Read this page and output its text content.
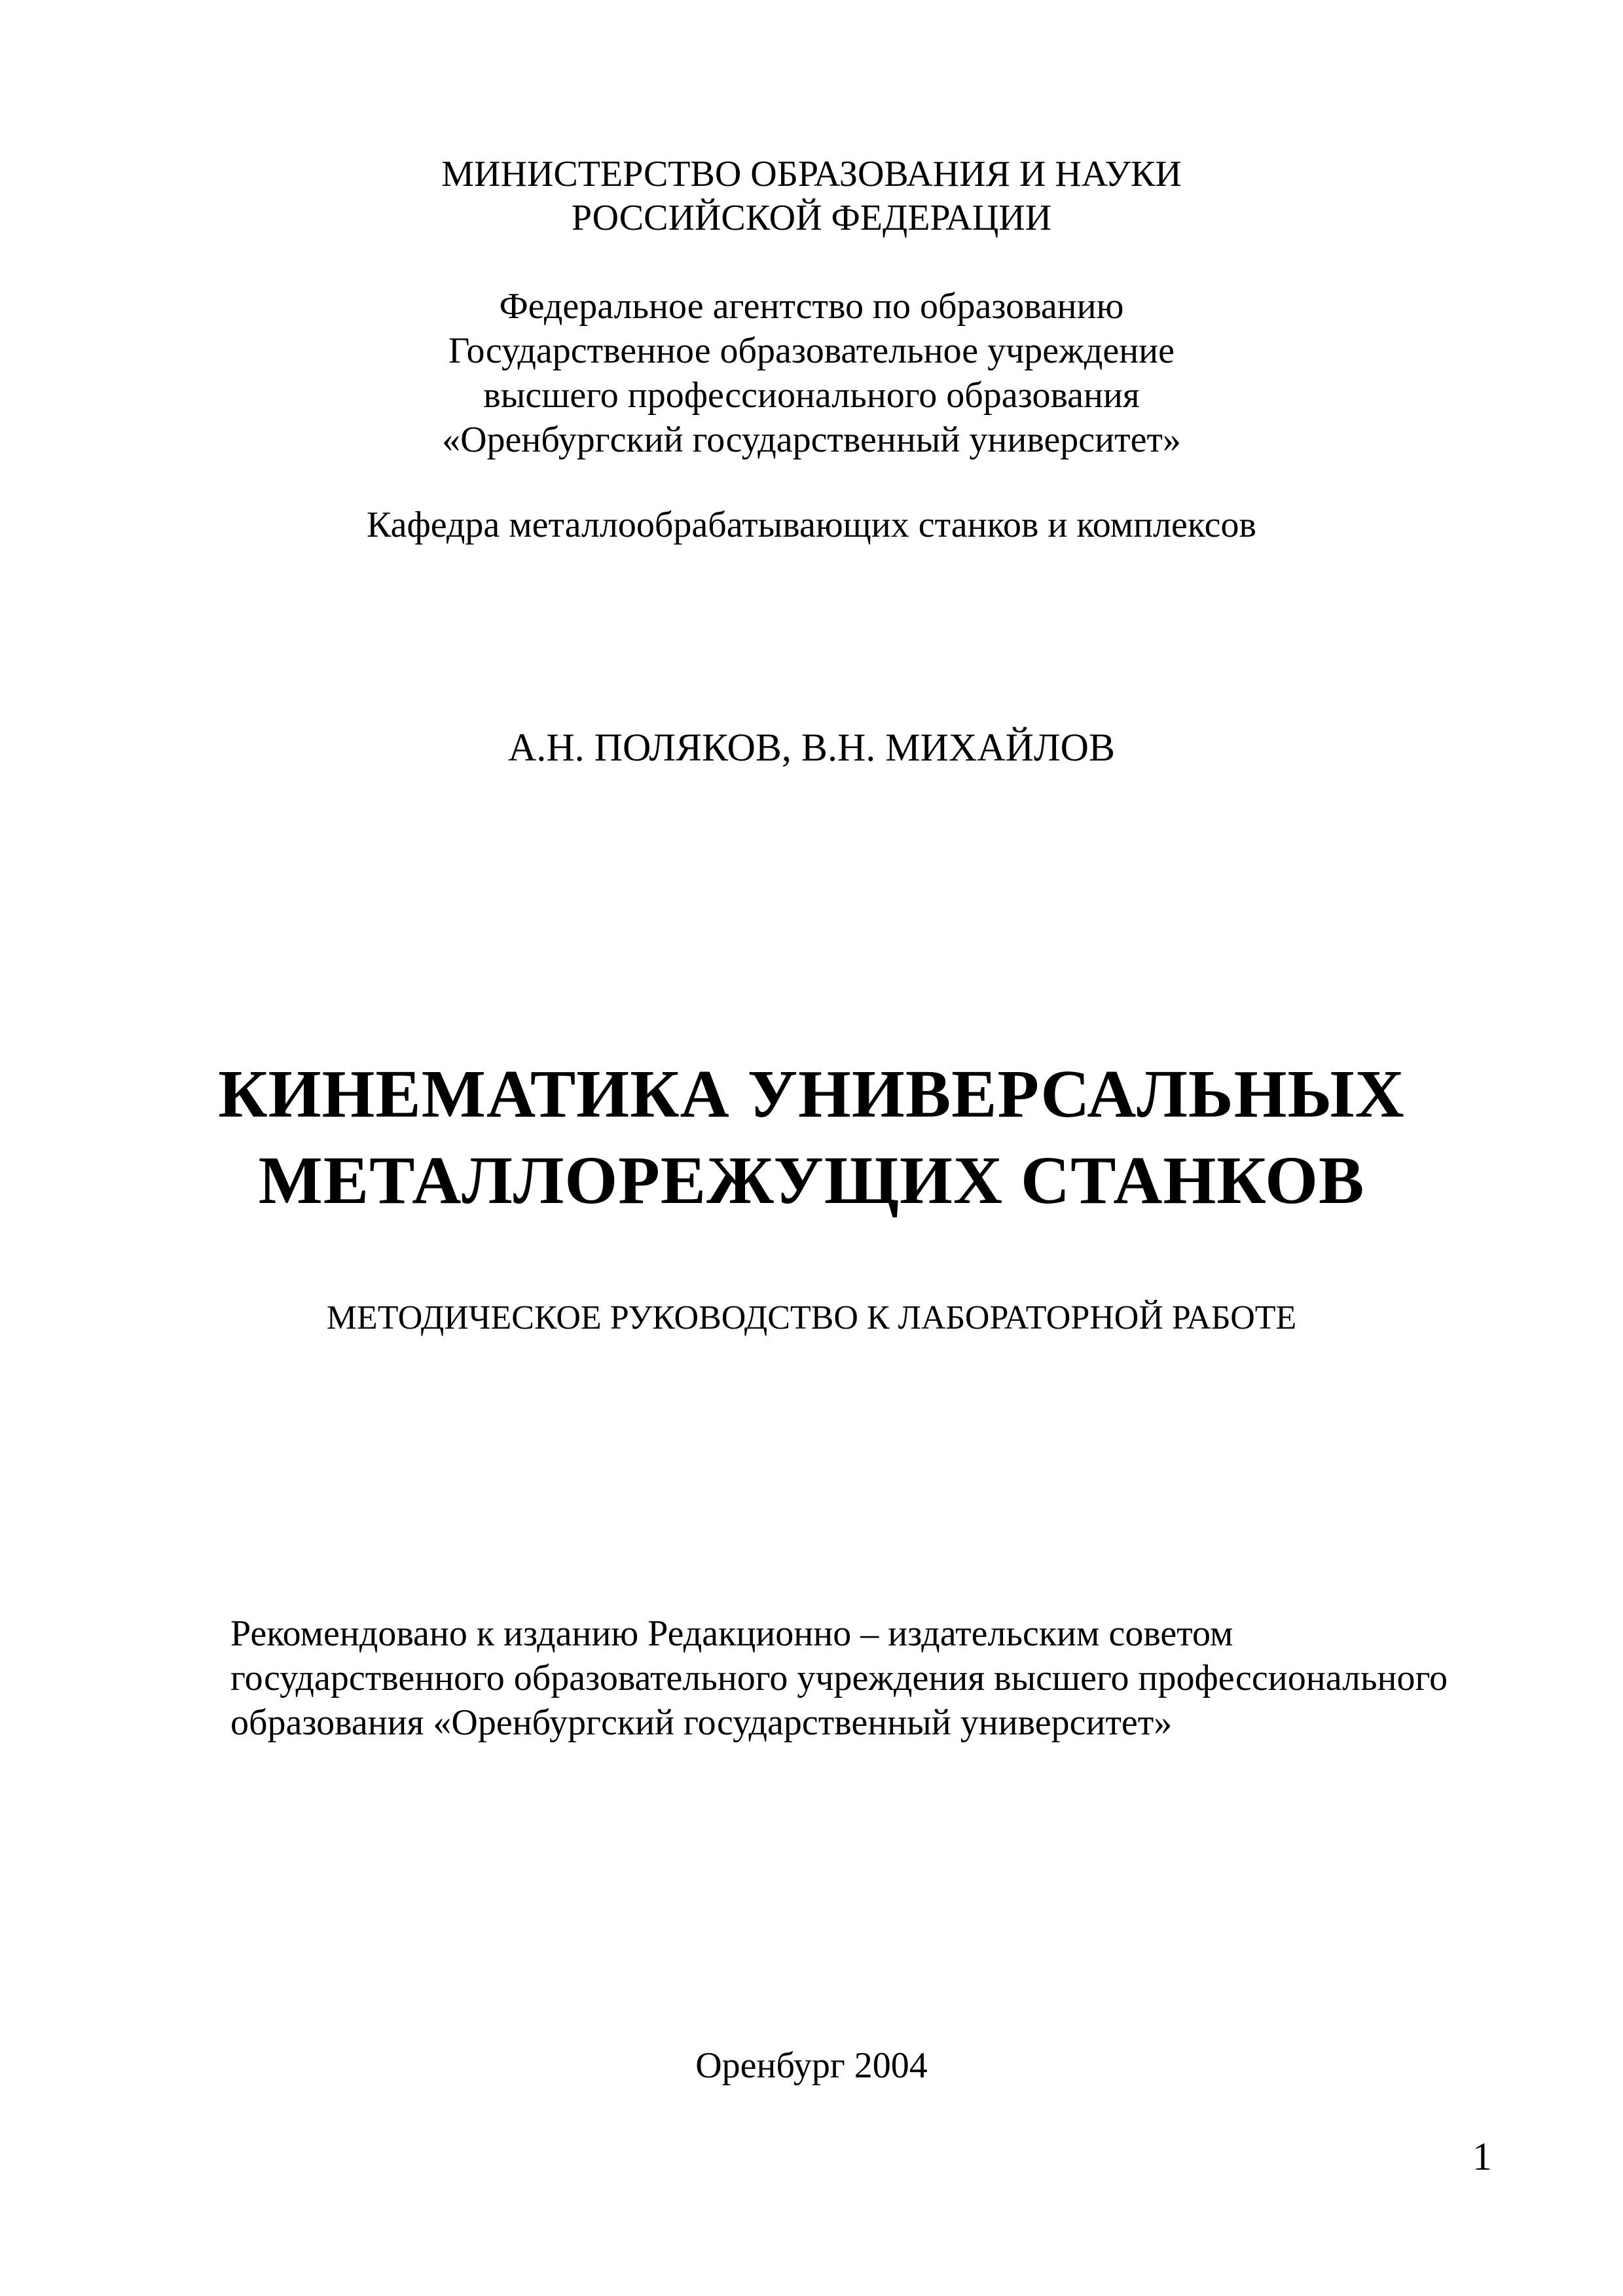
МИНИСТЕРСТВО ОБРАЗОВАНИЯ И НАУКИ
РОССИЙСКОЙ ФЕДЕРАЦИИ
Федеральное агентство по образованию
Государственное образовательное учреждение
высшего профессионального образования
«Оренбургский государственный университет»
Кафедра металлообрабатывающих станков и комплексов
А.Н. ПОЛЯКОВ, В.Н. МИХАЙЛОВ
КИНЕМАТИКА УНИВЕРСАЛЬНЫХ
МЕТАЛЛОРЕЖУЩИХ СТАНКОВ
МЕТОДИЧЕСКОЕ РУКОВОДСТВО К ЛАБОРАТОРНОЙ РАБОТЕ
Рекомендовано к изданию Редакционно – издательским советом
государственного образовательного учреждения высшего профессионального
образования «Оренбургский государственный университет»
Оренбург 2004
1
